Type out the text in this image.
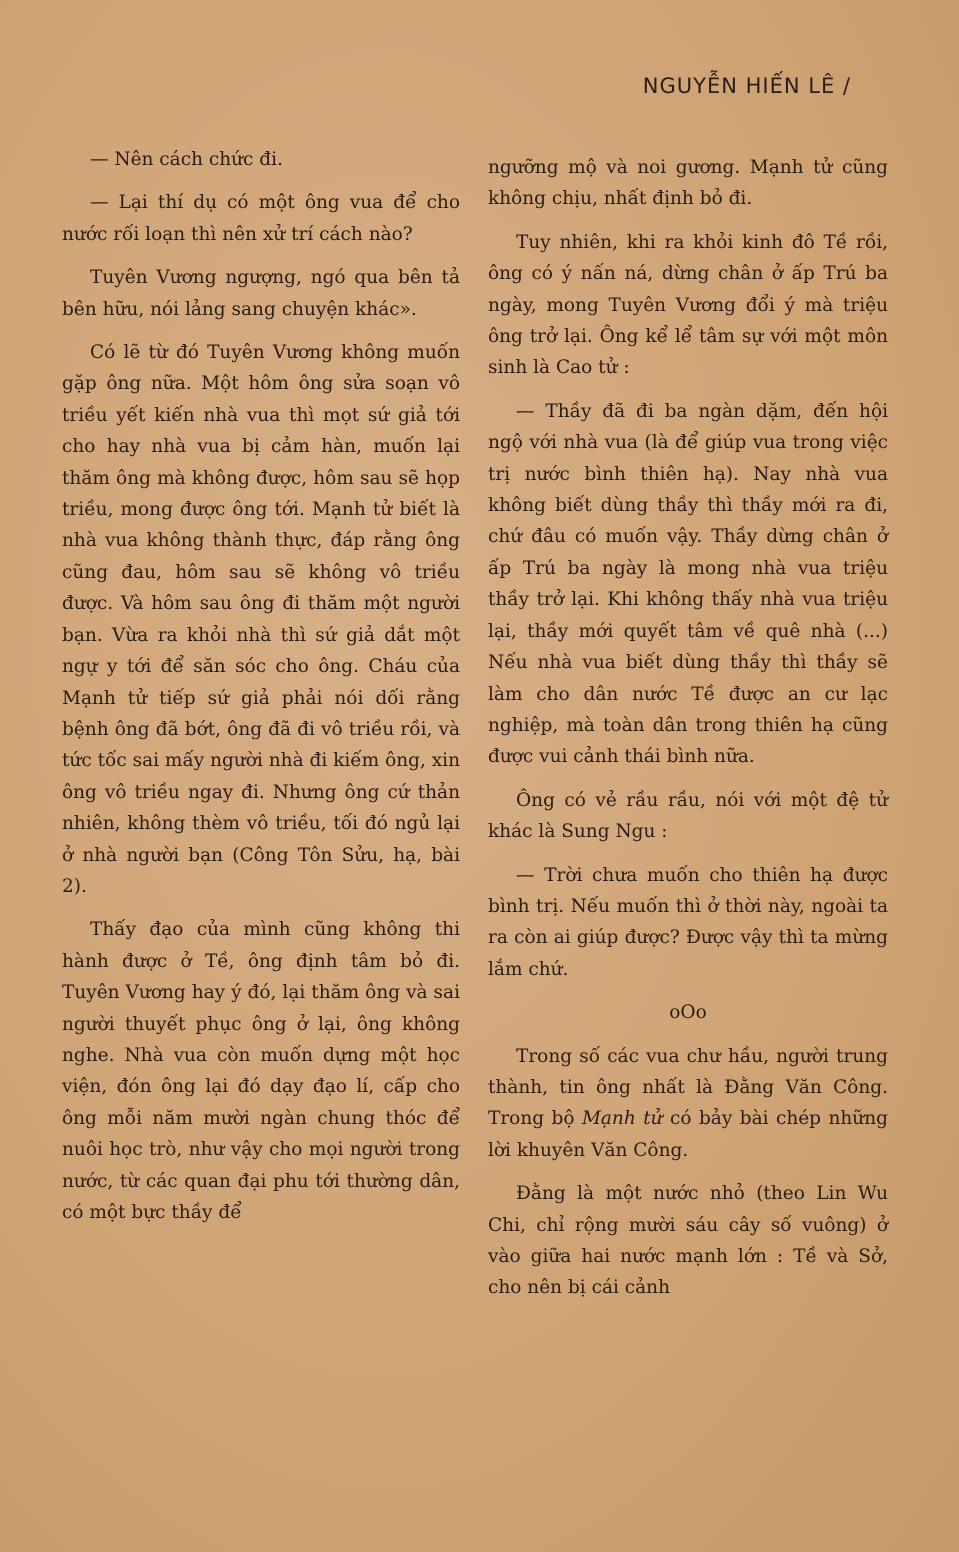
NGUYỄN HIẾN LÊ /

— Nên cách chức đi.

— Lại thí dụ có một ông vua để cho nước rối loạn thì nên xử trí cách nào?

Tuyên Vương ngượng, ngó qua bên tả bên hữu, nói lảng sang chuyện khác».

Có lẽ từ đó Tuyên Vương không muốn gặp ông nữa. Một hôm ông sửa soạn vô triều yết kiến nhà vua thì mọt sứ giả tới cho hay nhà vua bị cảm hàn, muốn lại thăm ông mà không được, hôm sau sẽ họp triều, mong được ông tới. Mạnh tử biết là nhà vua không thành thực, đáp rằng ông cũng đau, hôm sau sẽ không vô triều được. Và hôm sau ông đi thăm một người bạn. Vừa ra khỏi nhà thì sứ giả dắt một ngự y tới để săn sóc cho ông. Cháu của Mạnh tử tiếp sứ giả phải nói dối rằng bệnh ông đã bớt, ông đã đi vô triều rồi, và tức tốc sai mấy người nhà đi kiếm ông, xin ông vô triều ngay đi. Nhưng ông cứ thản nhiên, không thèm vô triều, tối đó ngủ lại ở nhà người bạn (Công Tôn Sửu, hạ, bài 2).

Thấy đạo của mình cũng không thi hành được ở Tề, ông định tâm bỏ đi. Tuyên Vương hay ý đó, lại thăm ông và sai người thuyết phục ông ở lại, ông không nghe. Nhà vua còn muốn dựng một học viện, đón ông lại đó dạy đạo lí, cấp cho ông mỗi năm mười ngàn chung thóc để nuôi học trò, như vậy cho mọi người trong nước, từ các quan đại phu tới thường dân, có một bực thầy để

ngưỡng mộ và noi gương. Mạnh tử cũng không chịu, nhất định bỏ đi.

Tuy nhiên, khi ra khỏi kinh đô Tề rồi, ông có ý nấn ná, dừng chân ở ấp Trú ba ngày, mong Tuyên Vương đổi ý mà triệu ông trở lại. Ông kể lể tâm sự với một môn sinh là Cao tử :

— Thầy đã đi ba ngàn dặm, đến hội ngộ với nhà vua (là để giúp vua trong việc trị nước bình thiên hạ). Nay nhà vua không biết dùng thầy thì thầy mới ra đi, chứ đâu có muốn vậy. Thầy dừng chân ở ấp Trú ba ngày là mong nhà vua triệu thầy trở lại. Khi không thấy nhà vua triệu lại, thầy mới quyết tâm về quê nhà (...) Nếu nhà vua biết dùng thầy thì thầy sẽ làm cho dân nước Tề được an cư lạc nghiệp, mà toàn dân trong thiên hạ cũng được vui cảnh thái bình nữa.

Ông có vẻ rầu rầu, nói với một đệ tử khác là Sung Ngu :

— Trời chưa muốn cho thiên hạ được bình trị. Nếu muốn thì ở thời này, ngoài ta ra còn ai giúp được? Được vậy thì ta mừng lắm chứ.

oOo

Trong số các vua chư hầu, người trung thành, tin ông nhất là Đằng Văn Công. Trong bộ Mạnh tử có bảy bài chép những lời khuyên Văn Công.

Đằng là một nước nhỏ (theo Lin Wu Chi, chỉ rộng mười sáu cây số vuông) ở vào giữa hai nước mạnh lớn : Tề và Sở, cho nên bị cái cảnh
